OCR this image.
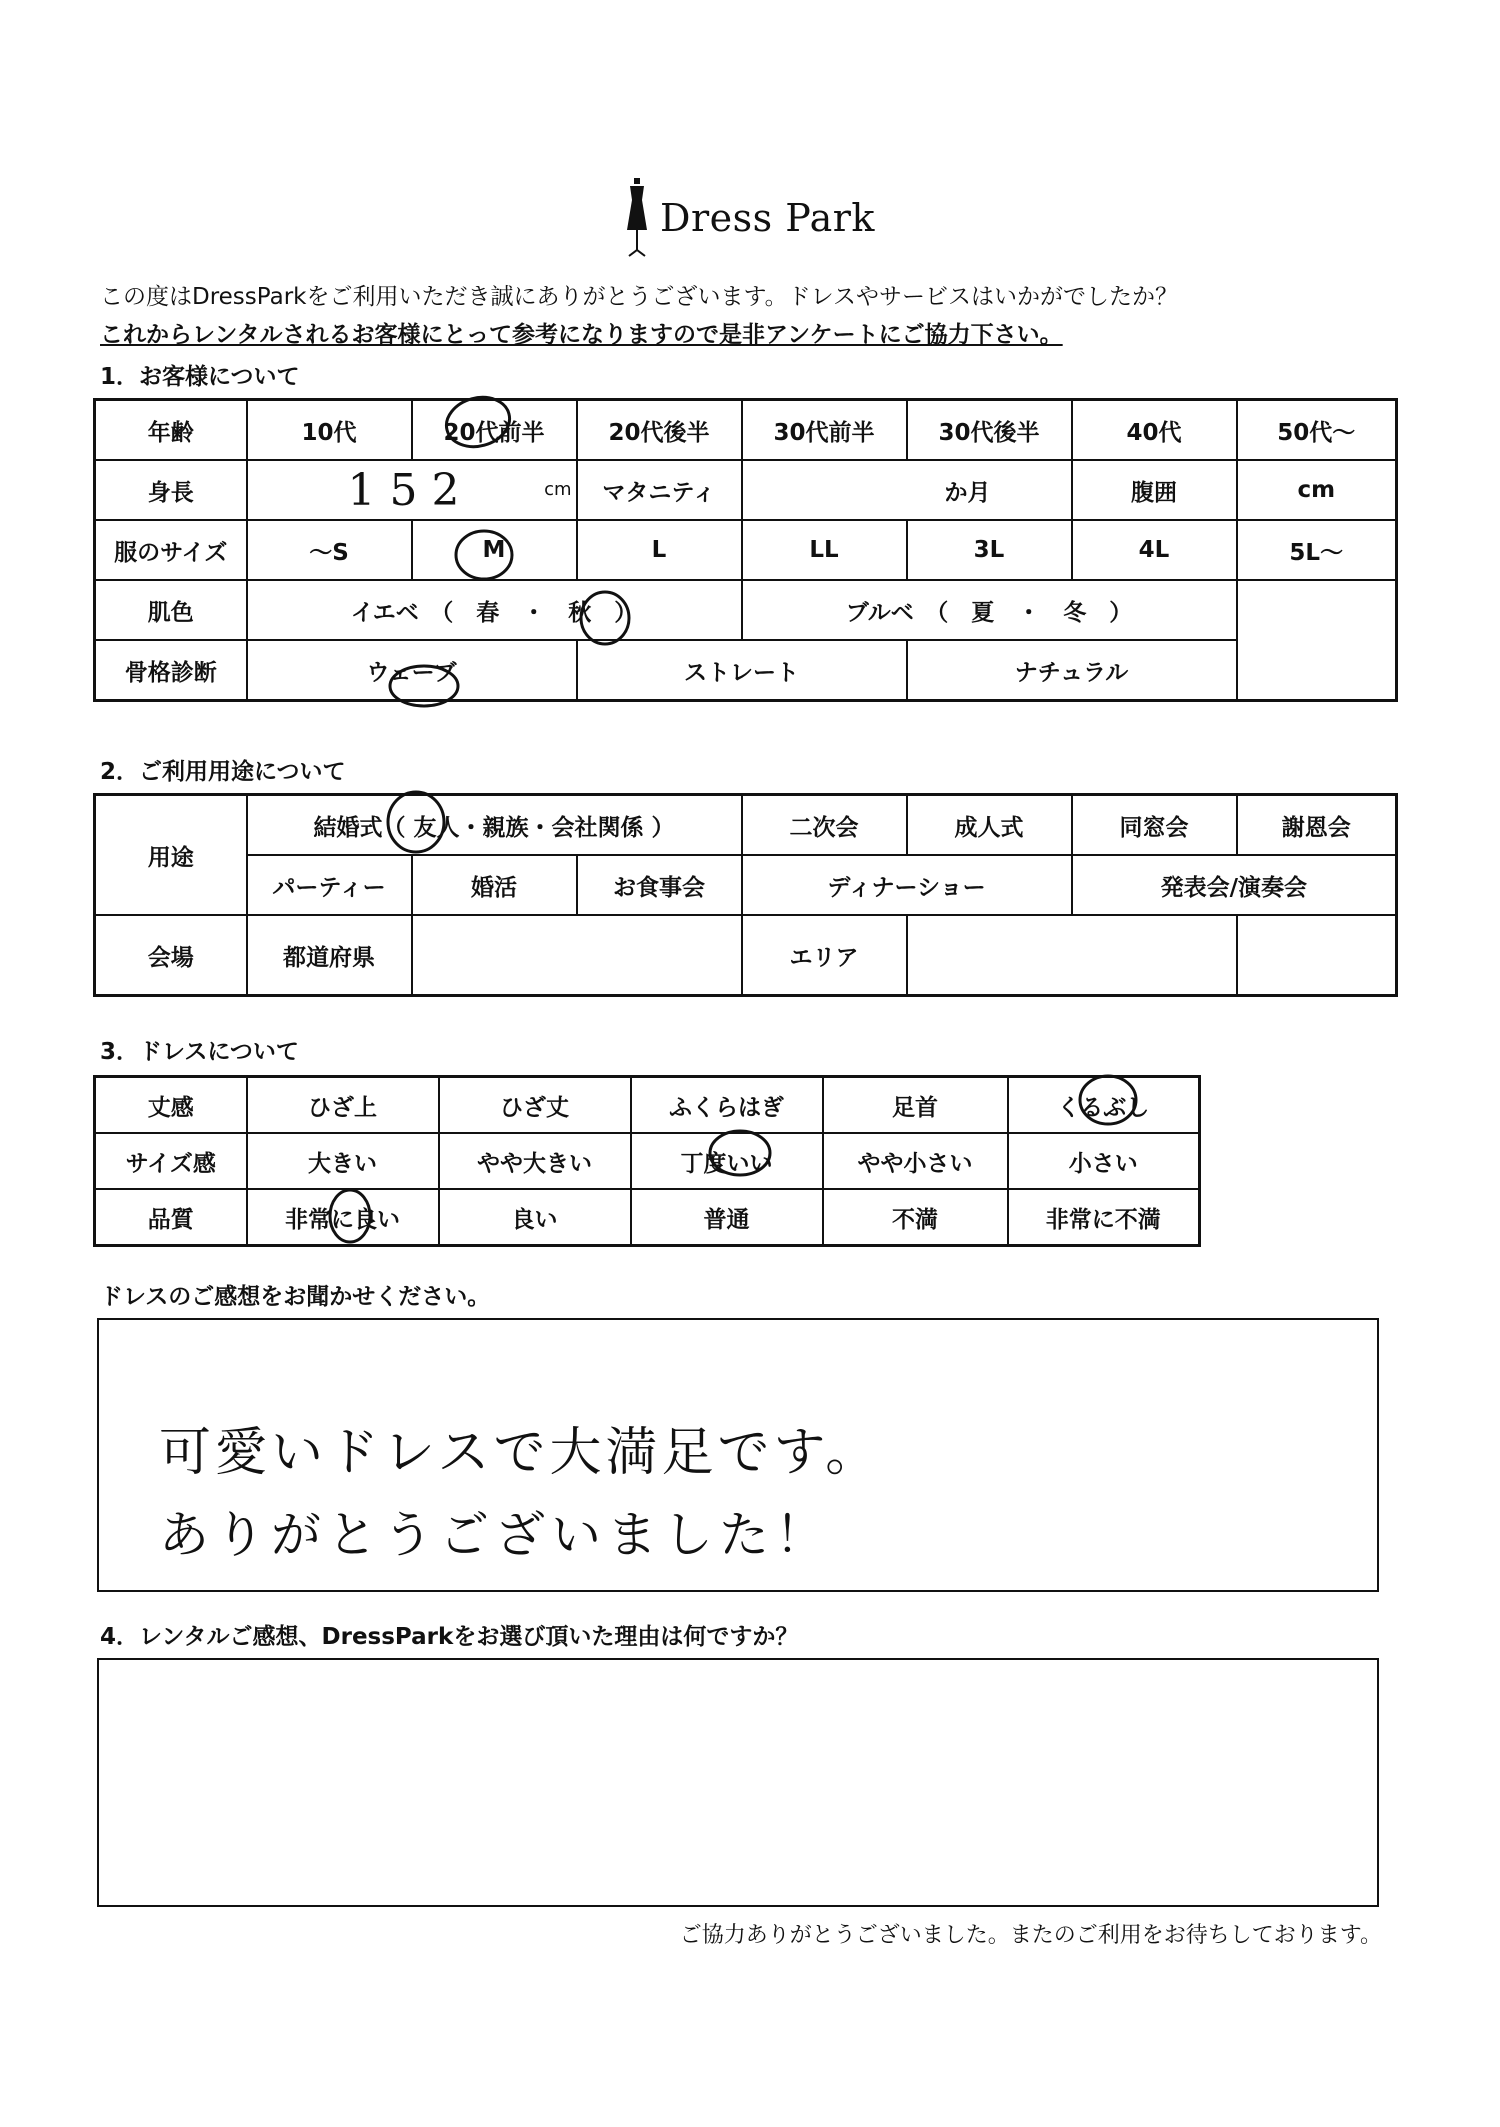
Dress Park
この度はDressParkをご利用いただき誠にありがとうございます。ドレスやサービスはいかがでしたか？
これからレンタルされるお客様にとって参考になりますので是非アンケートにご協力下さい。
1．お客様について
年齢	10代	20代前半	20代後半	30代前半	30代後半	40代	50代～
身長	152 cm		マタニティ	か月		腹囲	cm
服のサイズ	～S	M	L	LL	3L	4L	5L～
肌色	イエベ　（　春　・　秋　）			ブルベ　（　夏　・　冬　）			
骨格診断	ウェーブ		ストレート		ナチュラル		
2．ご利用用途について
用途	結婚式（ 友人・親族・会社関係 ）			二次会	成人式	同窓会	謝恩会
	パーティー	婚活	お食事会	ディナーショー		発表会/演奏会	
会場	都道府県			エリア			
3．ドレスについて
丈感	ひざ上	ひざ丈	ふくらはぎ	足首	くるぶし
サイズ感	大きい	やや大きい	丁度いい	やや小さい	小さい
品質	非常に良い	良い	普通	不満	非常に不満
ドレスのご感想をお聞かせください。
可愛いドレスで大満足です。
ありがとうございました！
4．レンタルご感想、DressParkをお選び頂いた理由は何ですか？
ご協力ありがとうございました。またのご利用をお待ちしております。
